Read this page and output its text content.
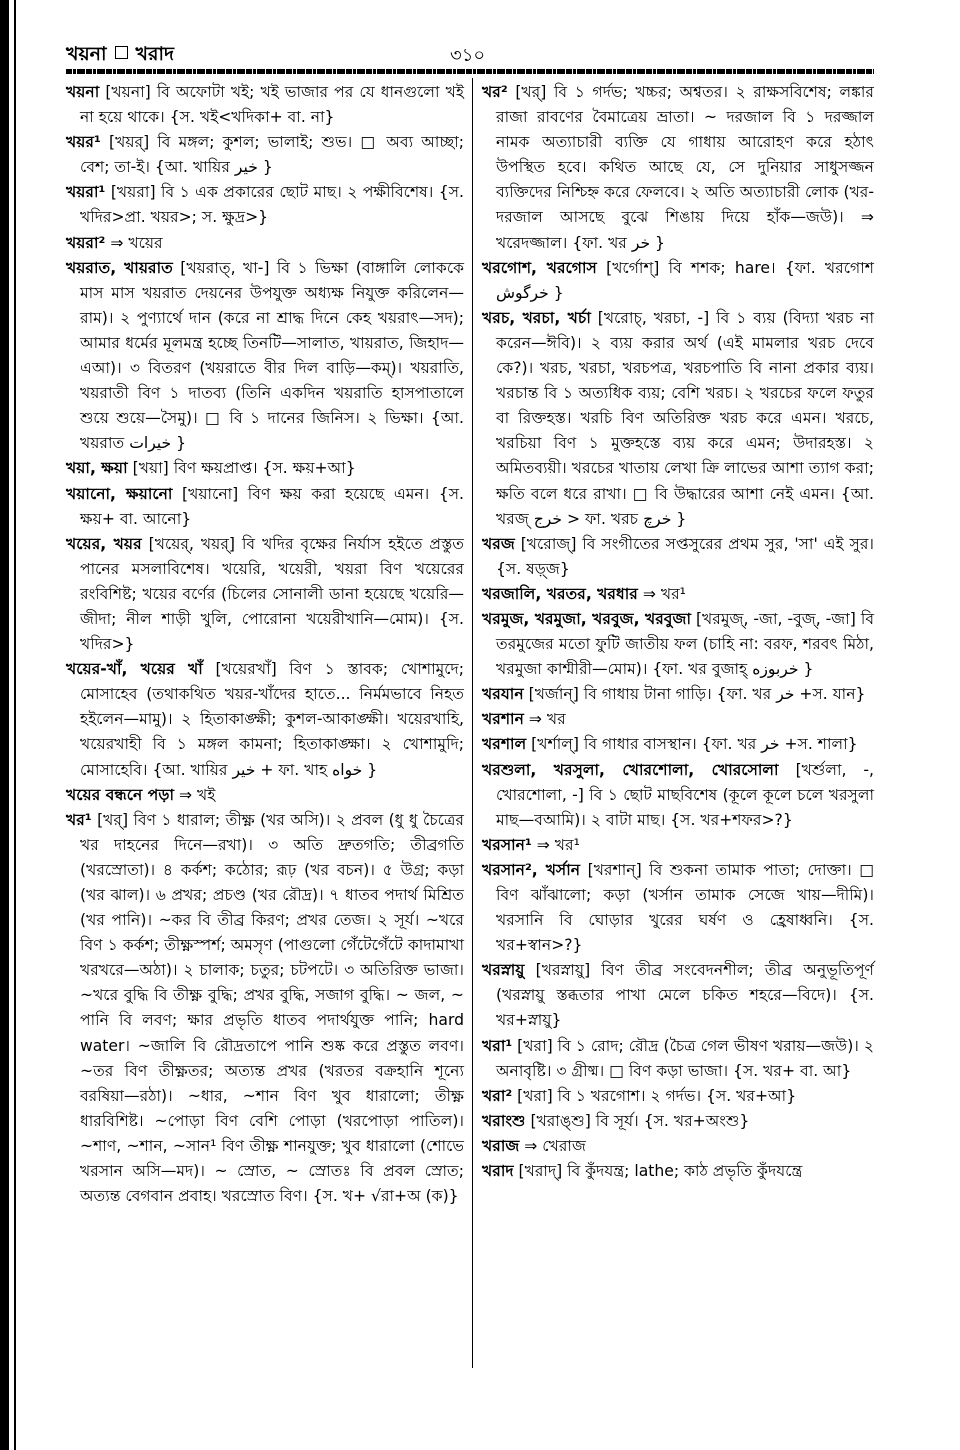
খয়না খরাদ	৩১০

খয়না [খয়না] বি অফোটা খই; খই ভাজার পর যে ধানগুলো খই না হয়ে থাকে। {স. খই<খদিকা+ বা. না}

খয়র¹ [খয়র্] বি মঙ্গল; কুশল; ভালাই; শুভ। □ অব্য আচ্ছা; বেশ; তা-ই। {আ. খায়ির خير }

খয়রা¹ [খয়রা] বি ১ এক প্রকারের ছোট মাছ। ২ পক্ষীবিশেষ। {স. খদির>প্রা. খয়র>; স. ক্ষুদ্র>}

খয়রা² ⇒ খয়ের

খয়রাত, খায়রাত [খয়রাত্, খা-] বি ১ ভিক্ষা (বাঙ্গালি লোককে মাস মাস খয়রাত দেয়নের উপযুক্ত অধ্যক্ষ নিযুক্ত করিলেন—রাম)। ২ পুণ্যার্থে দান (করে না শ্রাদ্ধ দিনে কেহ খয়রাৎ—সদ); আমার ধর্মের মূলমন্ত্র হচ্ছে তিনটি—সালাত, খায়রাত, জিহাদ—এআ)। ৩ বিতরণ (খয়রাতে বীর দিল বাড়ি—কম্)। খয়রাতি, খয়রাতী বিণ ১ দাতব্য (তিনি একদিন খয়রাতি হাসপাতালে শুয়ে শুয়ে—সৈমু)। □ বি ১ দানের জিনিস। ২ ভিক্ষা। {আ. খয়রাত خيرات }

খয়া, ক্ষয়া [খয়া] বিণ ক্ষয়প্রাপ্ত। {স. ক্ষয়+আ}

খয়ানো, ক্ষয়ানো [খয়ানো] বিণ ক্ষয় করা হয়েছে এমন। {স. ক্ষয়+ বা. আনো}

খয়ের, খয়র [খয়ের্, খয়র্] বি খদির বৃক্ষের নির্যাস হইতে প্রস্তুত পানের মসলাবিশেষ। খয়েরি, খয়েরী, খয়রা বিণ খয়েরের রংবিশিষ্ট; খয়ের বর্ণের (চিলের সোনালী ডানা হয়েছে খয়েরি—জীদা; নীল শাড়ী খুলি, পোরোনা খয়েরীখানি—মোম)। {স. খদির>}

খয়ের-খাঁ, খয়ের খাঁ [খয়েরখাঁ] বিণ ১ স্তাবক; খোশামুদে; মোসাহেব (তথাকথিত খয়র-খাঁদের হাতে... নির্মমভাবে নিহত হইলেন—মামু)। ২ হিতাকাঙ্ক্ষী; কুশল-আকাঙ্ক্ষী। খয়েরখাহি, খয়েরখাহী বি ১ মঙ্গল কামনা; হিতাকাঙ্ক্ষা। ২ খোশামুদি; মোসাহেবি। {আ. খায়ির خير + ফা. খাহ خواه }

খয়ের বন্ধনে পড়া ⇒ খই

খর¹ [খর্] বিণ ১ ধারাল; তীক্ষ্ণ (খর অসি)। ২ প্রবল (ধু ধু চৈত্রের খর দাহনের দিনে—রখা)। ৩ অতি দ্রুতগতি; তীব্রগতি (খরস্রোতা)। ৪ কর্কশ; কঠোর; রূঢ় (খর বচন)। ৫ উগ্র; কড়া (খর ঝাল)। ৬ প্রখর; প্রচণ্ড (খর রৌদ্র)। ৭ ধাতব পদার্থ মিশ্রিত (খর পানি)। ~কর বি তীব্র কিরণ; প্রখর তেজ। ২ সূর্য। ~খরে বিণ ১ কর্কশ; তীক্ষ্ণস্পর্শ; অমসৃণ (পাগুলো গেঁটেগেঁটে কাদামাখা খরখরে—অঠা)। ২ চালাক; চতুর; চটপটে। ৩ অতিরিক্ত ভাজা। ~খরে বুদ্ধি বি তীক্ষ্ণ বুদ্ধি; প্রখর বুদ্ধি, সজাগ বুদ্ধি। ~ জল, ~ পানি বি লবণ; ক্ষার প্রভৃতি ধাতব পদার্থযুক্ত পানি; hard water। ~জালি বি রৌদ্রতাপে পানি শুষ্ক করে প্রস্তুত লবণ। ~তর বিণ তীক্ষ্ণতর; অত্যন্ত প্রখর (খরতর বক্রহানি শূন্যে বরষিয়া—রঠা)। ~ধার, ~শান বিণ খুব ধারালো; তীক্ষ্ণ ধারবিশিষ্ট। ~পোড়া বিণ বেশি পোড়া (খরপোড়া পাতিল)। ~শাণ, ~শান, ~সান¹ বিণ তীক্ষ্ণ শানযুক্ত; খুব ধারালো (শোভে খরসান অসি—মদ)। ~ স্রোত, ~ স্রোতঃ বি প্রবল স্রোত; অত্যন্ত বেগবান প্রবাহ। খরস্রোত বিণ। {স. খ+ √রা+অ (ক)}

খর² [খর্] বি ১ গর্দভ; খচ্চর; অশ্বতর। ২ রাক্ষসবিশেষ; লঙ্কার রাজা রাবণের বৈমাত্রেয় ভ্রাতা। ~ দরজাল বি ১ দরজ্জাল নামক অত্যাচারী ব্যক্তি যে গাধায় আরোহণ করে হঠাৎ উপস্থিত হবে। কথিত আছে যে, সে দুনিয়ার সাধুসজ্জন ব্যক্তিদের নিশ্চিহ্ন করে ফেলবে। ২ অতি অত্যাচারী লোক (খর-দরজাল আসছে বুঝে শিঙায় দিয়ে হাঁক—জউ)। ⇒ খরেদজ্জাল। {ফা. খর خر }

খরগোশ, খরগোস [খর্গোশ্] বি শশক; hare। {ফা. খরগোশ خرگوش }

খরচ, খরচা, খর্চা [খরোচ্, খরচা, -] বি ১ ব্যয় (বিদ্যা খরচ না করেন—ঈবি)। ২ ব্যয় করার অর্থ (এই মামলার খরচ দেবে কে?)। খরচ, খরচা, খরচপত্র, খরচপাতি বি নানা প্রকার ব্যয়। খরচান্ত বি ১ অত্যধিক ব্যয়; বেশি খরচ। ২ খরচের ফলে ফতুর বা রিক্তহস্ত। খরচি বিণ অতিরিক্ত খরচ করে এমন। খরচে, খরচিয়া বিণ ১ মুক্তহস্তে ব্যয় করে এমন; উদারহস্ত। ২ অমিতব্যয়ী। খরচের খাতায় লেখা ক্রি লাভের আশা ত্যাগ করা; ক্ষতি বলে ধরে রাখা। □ বি উদ্ধারের আশা নেই এমন। {আ. খরজ্ خرج > ফা. খরচ خرچ }

খরজ [খরোজ্] বি সংগীতের সপ্তসুরের প্রথম সুর, 'সা' এই সুর। {স. ষড়্জ}

খরজালি, খরতর, খরধার ⇒ খর¹

খরমুজ, খরমুজা, খরবুজ, খরবুজা [খরমুজ্, -জা, -বুজ্, -জা] বি তরমুজের মতো ফুটি জাতীয় ফল (চাহি না: বরফ, শরবৎ মিঠা, খরমুজা কাশ্মীরী—মোম)। {ফা. খর বুজাহ্ خربوزه }

খরযান [খর্জান্] বি গাধায় টানা গাড়ি। {ফা. খর خر +স. যান}

খরশান ⇒ খর

খরশাল [খর্শাল্] বি গাধার বাসস্থান। {ফা. খর خر +স. শালা}

খরশুলা, খরসুলা, খোরশোলা, খোরসোলা [খর্শুলা, -, খোরশোলা, -] বি ১ ছোট মাছবিশেষ (কূলে কূলে চলে খরসুলা মাছ—বআমি)। ২ বাটা মাছ। {স. খর+শফর>?}

খরসান¹ ⇒ খর¹

খরসান², খর্সান [খরশান্] বি শুকনা তামাক পাতা; দোক্তা। □ বিণ ঝাঁঝালো; কড়া (খর্সান তামাক সেজে খায়—দীমি)। খরসানি বি ঘোড়ার খুরের ঘর্ষণ ও হ্রেষাধ্বনি। {স. খর+স্বান>?}

খরস্নায়ু [খরস্নায়ু] বিণ তীব্র সংবেদনশীল; তীব্র অনুভূতিপূর্ণ (খরস্নায়ু স্তব্ধতার পাখা মেলে চকিত শহরে—বিদে)। {স. খর+স্নায়ু}

খরা¹ [খরা] বি ১ রোদ; রৌদ্র (চৈত্র গেল ভীষণ খরায়—জউ)। ২ অনাবৃষ্টি। ৩ গ্রীষ্ম। □ বিণ কড়া ভাজা। {স. খর+ বা. আ}

খরা² [খরা] বি ১ খরগোশ। ২ গর্দভ। {স. খর+আ}

খরাংশু [খরাঙ্শু] বি সূর্য। {স. খর+অংশু}

খরাজ ⇒ খেরাজ

খরাদ [খরাদ্] বি কুঁদযন্ত্র; lathe; কাঠ প্রভৃতি কুঁদযন্ত্রে
